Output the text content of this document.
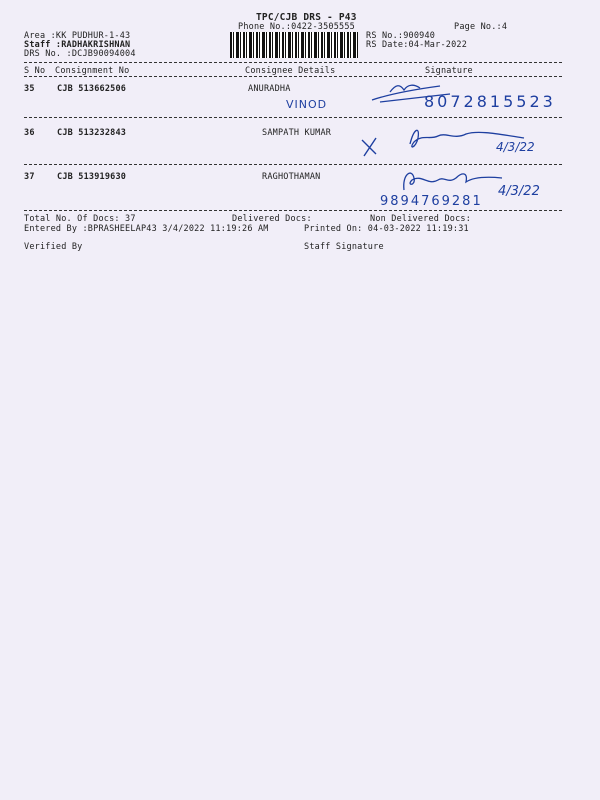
TPC/CJB DRS - P43
Phone No.:0422-3505555	Page No.:4
Area :KK PUDHUR-1-43
Staff :RADHAKRISHNAN
DRS No. :DCJB90094004
RS No.:900940
RS Date:04-Mar-2022
S No Consignment No	Consignee Details	Signature
35	CJB 513662506	ANURADHA
VINOD	8072815523
36	CJB 513232843	SAMPATH KUMAR
4/3/22
37	CJB 513919630	RAGHOTHAMAN
9894769281
4/3/22
Total No. Of Docs: 37	Delivered Docs:	Non Delivered Docs:
Entered By :BPRASHEELAP43 3/4/2022 11:19:26 AM	Printed On: 04-03-2022 11:19:31
Verified By	Staff Signature
